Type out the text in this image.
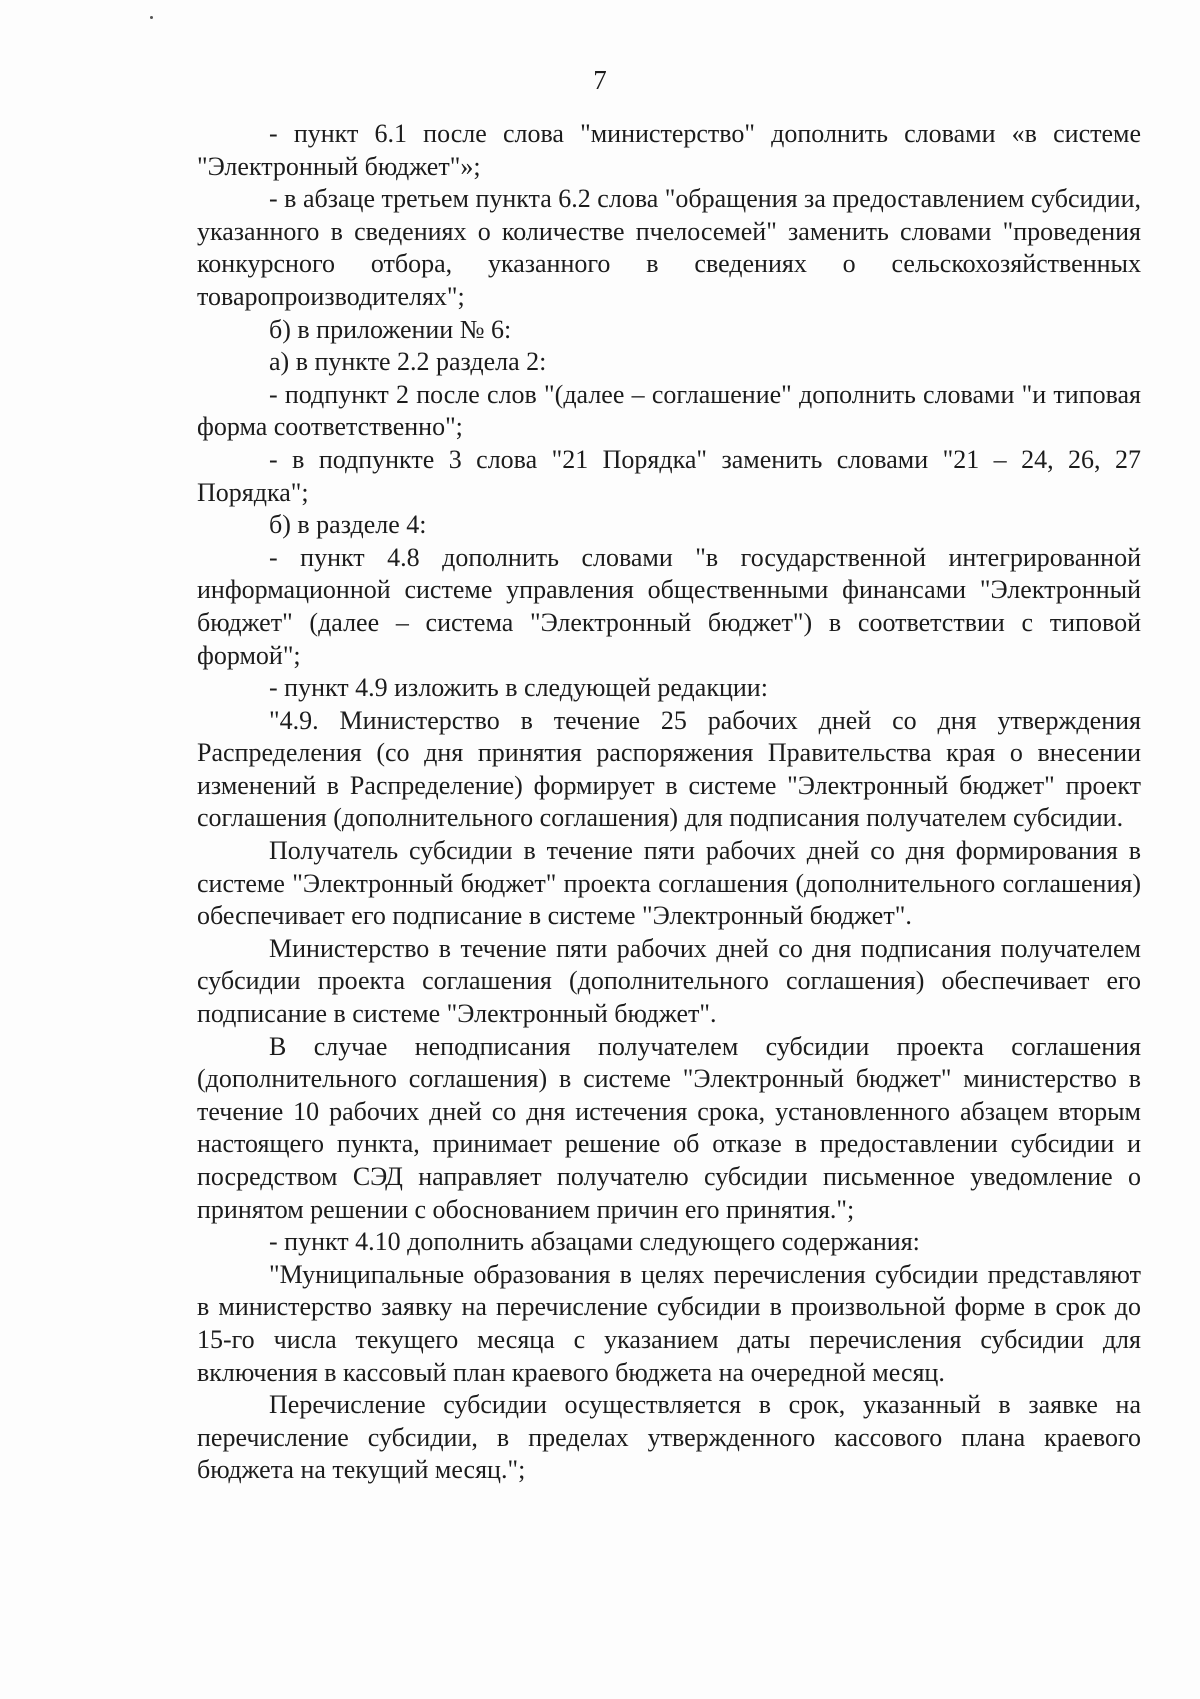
7

- пункт 6.1 после слова "министерство" дополнить словами «в системе "Электронный бюджет"»;

- в абзаце третьем пункта 6.2 слова "обращения за предоставлением субсидии, указанного в сведениях о количестве пчелосемей" заменить словами "проведения конкурсного отбора, указанного в сведениях о сельскохозяйственных товаропроизводителях";

б) в приложении № 6:

а) в пункте 2.2 раздела 2:

- подпункт 2 после слов "(далее – соглашение" дополнить словами "и типовая форма соответственно";

- в подпункте 3 слова "21 Порядка" заменить словами "21 – 24, 26, 27 Порядка";

б) в разделе 4:

- пункт 4.8 дополнить словами "в государственной интегрированной информационной системе управления общественными финансами "Электронный бюджет" (далее – система "Электронный бюджет") в соответствии с типовой формой";

- пункт 4.9 изложить в следующей редакции:

"4.9. Министерство в течение 25 рабочих дней со дня утверждения Распределения (со дня принятия распоряжения Правительства края о внесении изменений в Распределение) формирует в системе "Электронный бюджет" проект соглашения (дополнительного соглашения) для подписания получателем субсидии.

Получатель субсидии в течение пяти рабочих дней со дня формирования в системе "Электронный бюджет" проекта соглашения (дополнительного соглашения) обеспечивает его подписание в системе "Электронный бюджет".

Министерство в течение пяти рабочих дней со дня подписания получателем субсидии проекта соглашения (дополнительного соглашения) обеспечивает его подписание в системе "Электронный бюджет".

В случае неподписания получателем субсидии проекта соглашения (дополнительного соглашения) в системе "Электронный бюджет" министерство в течение 10 рабочих дней со дня истечения срока, установленного абзацем вторым настоящего пункта, принимает решение об отказе в предоставлении субсидии и посредством СЭД направляет получателю субсидии письменное уведомление о принятом решении с обоснованием причин его принятия.";

- пункт 4.10 дополнить абзацами следующего содержания:

"Муниципальные образования в целях перечисления субсидии представляют в министерство заявку на перечисление субсидии в произвольной форме в срок до 15-го числа текущего месяца с указанием даты перечисления субсидии для включения в кассовый план краевого бюджета на очередной месяц.

Перечисление субсидии осуществляется в срок, указанный в заявке на перечисление субсидии, в пределах утвержденного кассового плана краевого бюджета на текущий месяц.";
